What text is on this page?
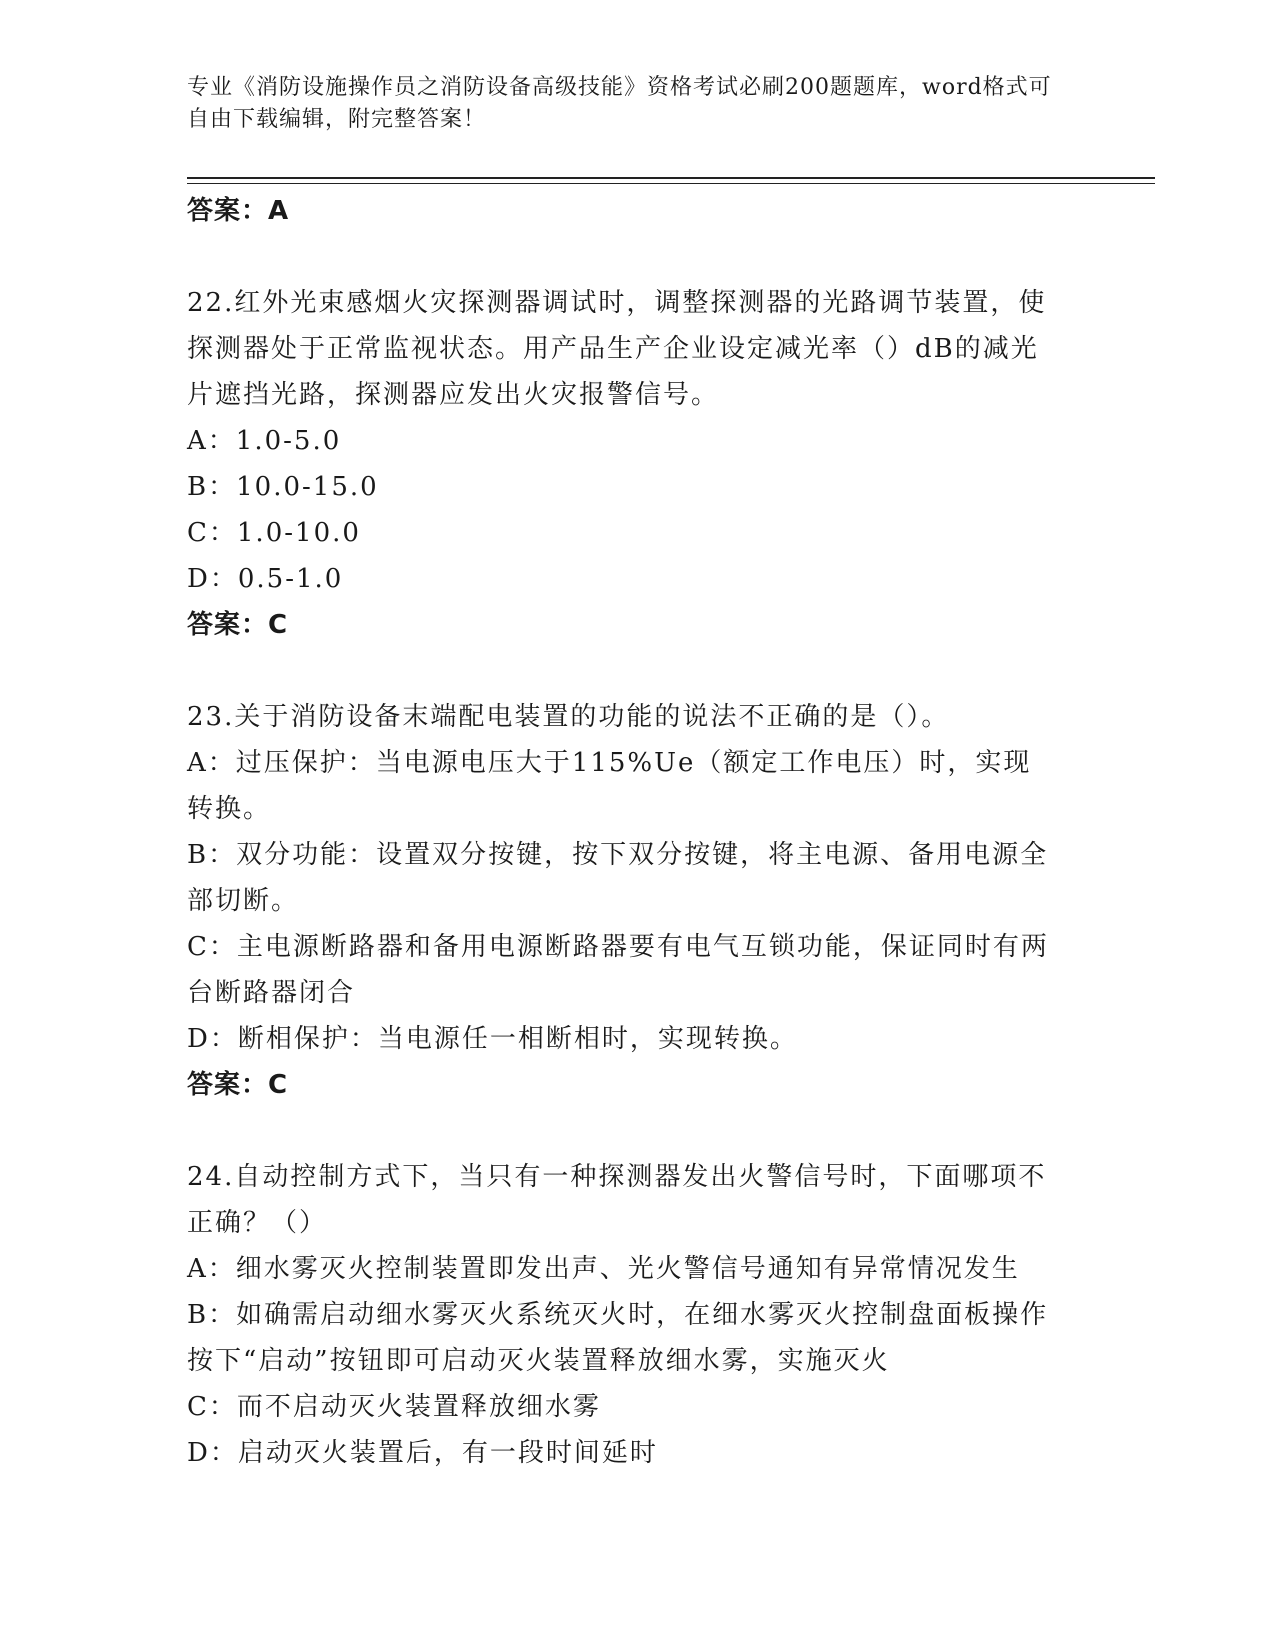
专业《消防设施操作员之消防设备高级技能》资格考试必刷200题题库，word格式可自由下载编辑，附完整答案！
答案：A
22.红外光束感烟火灾探测器调试时，调整探测器的光路调节装置，使探测器处于正常监视状态。用产品生产企业设定减光率（）dB的减光片遮挡光路，探测器应发出火灾报警信号。
A：1.0-5.0
B：10.0-15.0
C：1.0-10.0
D：0.5-1.0
答案：C
23.关于消防设备末端配电装置的功能的说法不正确的是（）。
A：过压保护：当电源电压大于115%Ue（额定工作电压）时，实现转换。
B：双分功能：设置双分按键，按下双分按键，将主电源、备用电源全部切断。
C：主电源断路器和备用电源断路器要有电气互锁功能，保证同时有两台断路器闭合
D：断相保护：当电源任一相断相时，实现转换。
答案：C
24.自动控制方式下，当只有一种探测器发出火警信号时，下面哪项不正确？（）
A：细水雾灭火控制装置即发出声、光火警信号通知有异常情况发生
B：如确需启动细水雾灭火系统灭火时，在细水雾灭火控制盘面板操作按下“启动”按钮即可启动灭火装置释放细水雾，实施灭火
C：而不启动灭火装置释放细水雾
D：启动灭火装置后，有一段时间延时
